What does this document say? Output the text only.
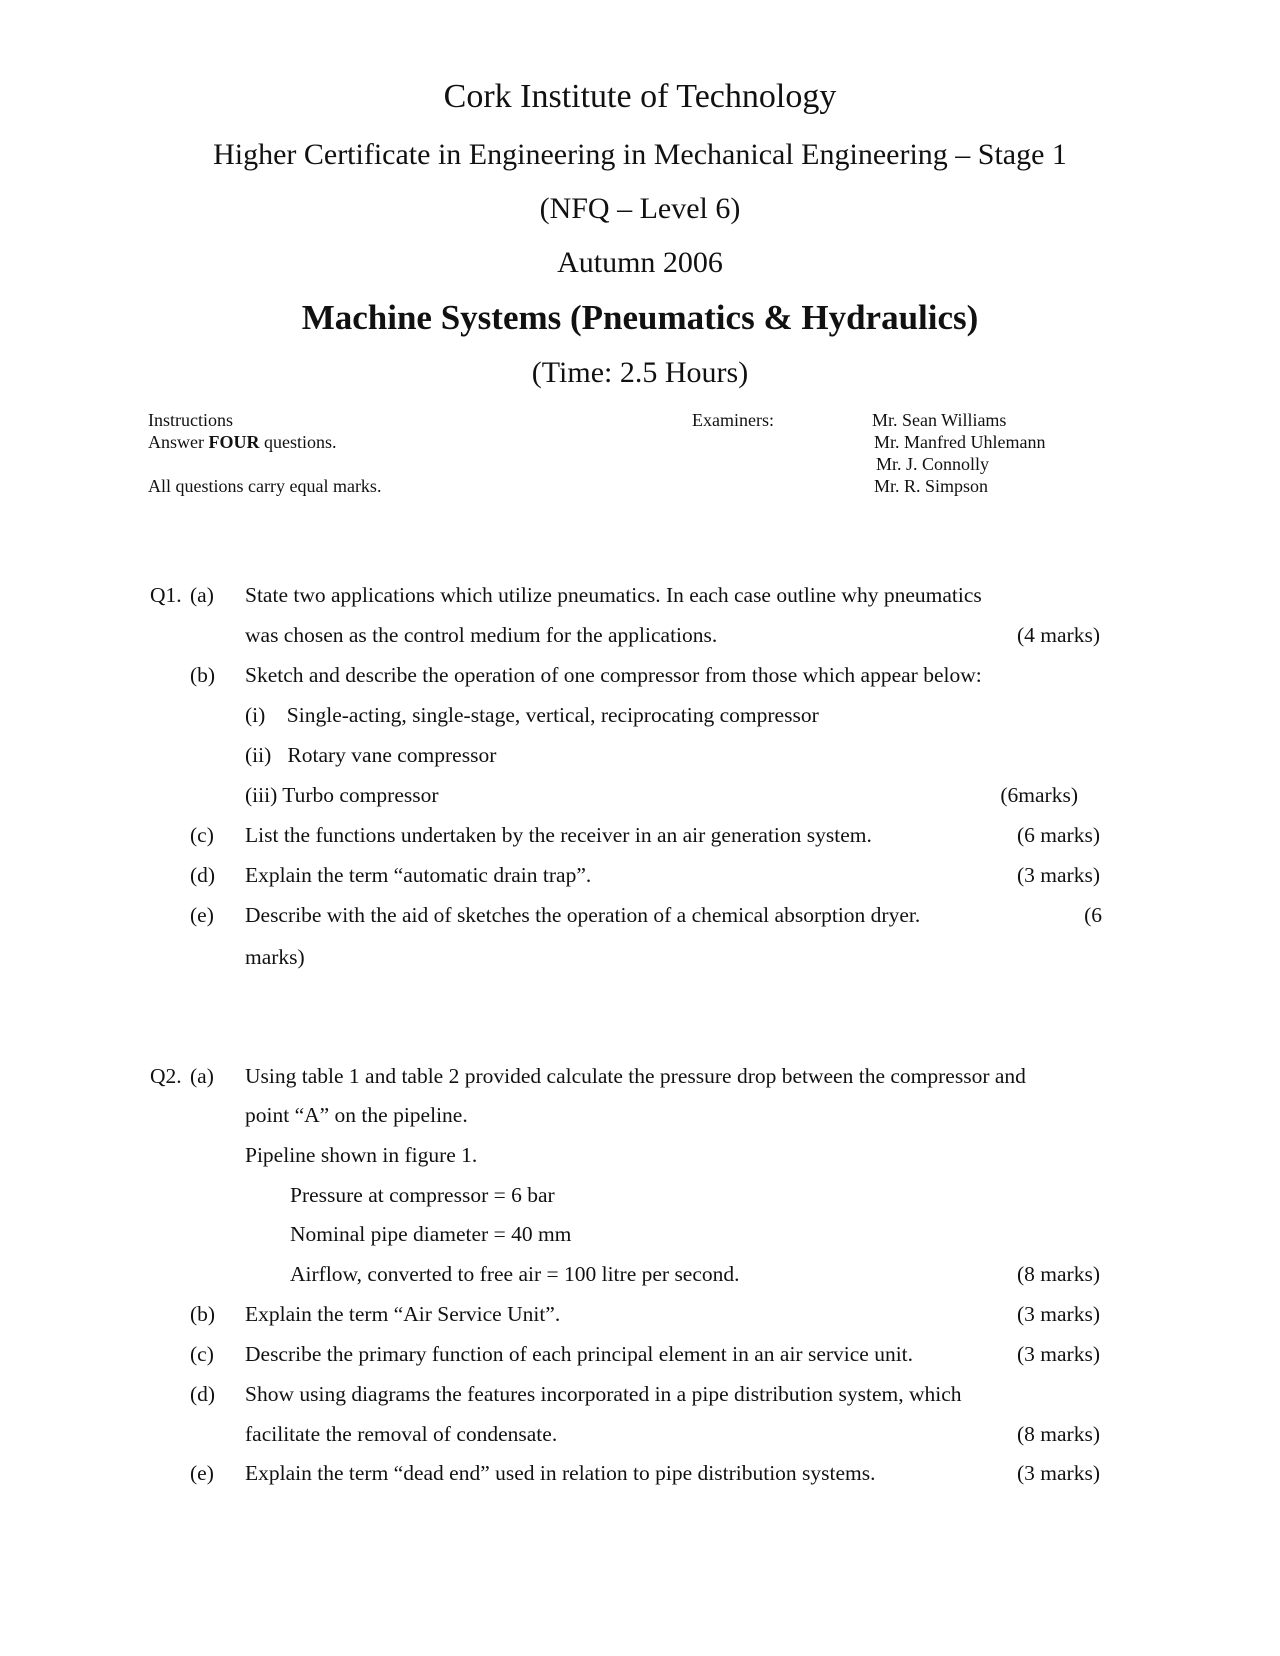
Cork Institute of Technology
Higher Certificate in Engineering in Mechanical Engineering – Stage 1
(NFQ – Level 6)
Autumn 2006
Machine Systems (Pneumatics & Hydraulics)
(Time: 2.5 Hours)
Instructions
Answer FOUR questions.
All questions carry equal marks.
Examiners:	Mr. Sean Williams
Mr. Manfred Uhlemann
Mr. J. Connolly
Mr. R. Simpson
Q1. (a) State two applications which utilize pneumatics. In each case outline why pneumatics
was chosen as the control medium for the applications.	(4 marks)
(b) Sketch and describe the operation of one compressor from those which appear below:
(i)    Single-acting, single-stage, vertical, reciprocating compressor
(ii)   Rotary vane compressor
(iii) Turbo compressor	(6marks)
(c) List the functions undertaken by the receiver in an air generation system.	(6 marks)
(d) Explain the term “automatic drain trap”.	(3 marks)
(e) Describe with the aid of sketches the operation of a chemical absorption dryer.	(6
marks)
Q2. (a) Using table 1 and table 2 provided calculate the pressure drop between the compressor and
point “A” on the pipeline.
Pipeline shown in figure 1.
Pressure at compressor = 6 bar
Nominal pipe diameter = 40 mm
Airflow, converted to free air = 100 litre per second.	(8 marks)
(b) Explain the term “Air Service Unit”.	(3 marks)
(c) Describe the primary function of each principal element in an air service unit.	(3 marks)
(d) Show using diagrams the features incorporated in a pipe distribution system, which
facilitate the removal of condensate.	(8 marks)
(e) Explain the term “dead end” used in relation to pipe distribution systems.	(3 marks)
